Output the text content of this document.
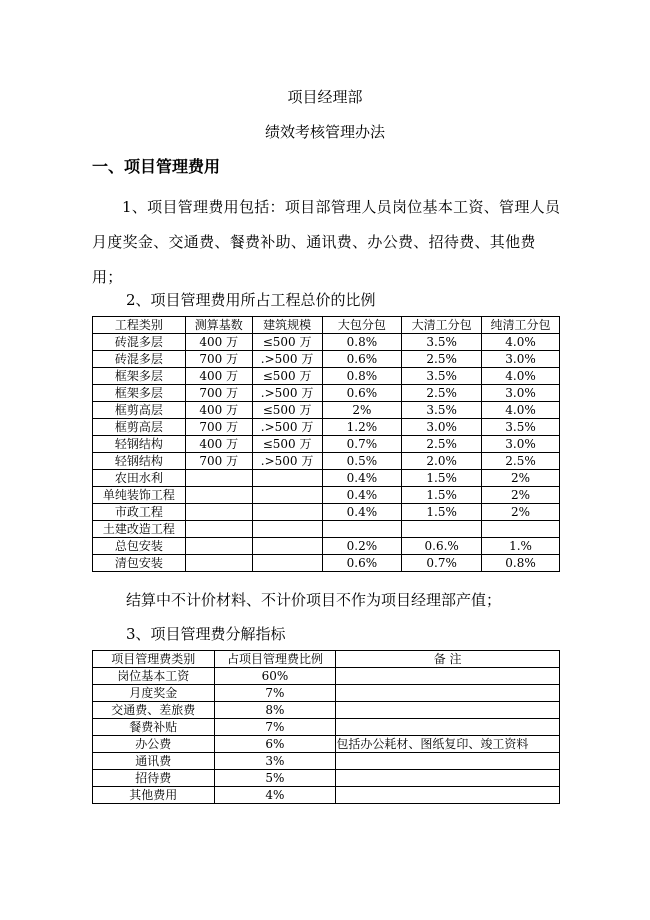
项目经理部
绩效考核管理办法
一、项目管理费用
1、项目管理费用包括：项目部管理人员岗位基本工资、管理人员月度奖金、交通费、餐费补助、通讯费、办公费、招待费、其他费用；
2、项目管理费用所占工程总价的比例
工程类别	测算基数	建筑规模	大包分包	大清工分包	纯清工分包
砖混多层	400 万	≤500 万	0.8%	3.5%	4.0%
砖混多层	700 万	.>500 万	0.6%	2.5%	3.0%
框架多层	400 万	≤500 万	0.8%	3.5%	4.0%
框架多层	700 万	.>500 万	0.6%	2.5%	3.0%
框剪高层	400 万	≤500 万	2%	3.5%	4.0%
框剪高层	700 万	.>500 万	1.2%	3.0%	3.5%
轻钢结构	400 万	≤500 万	0.7%	2.5%	3.0%
轻钢结构	700 万	.>500 万	0.5%	2.0%	2.5%
农田水利			0.4%	1.5%	2%
单纯装饰工程			0.4%	1.5%	2%
市政工程			0.4%	1.5%	2%
土建改造工程					
总包安装			0.2%	0.6.%	1.%
清包安装			0.6%	0.7%	0.8%
结算中不计价材料、不计价项目不作为项目经理部产值；
3、项目管理费分解指标
项目管理费类别	占项目管理费比例	备 注
岗位基本工资	60%	
月度奖金	7%	
交通费、差旅费	8%	
餐费补贴	7%	
办公费	6%	包括办公耗材、图纸复印、竣工资料
通讯费	3%	
招待费	5%	
其他费用	4%	
